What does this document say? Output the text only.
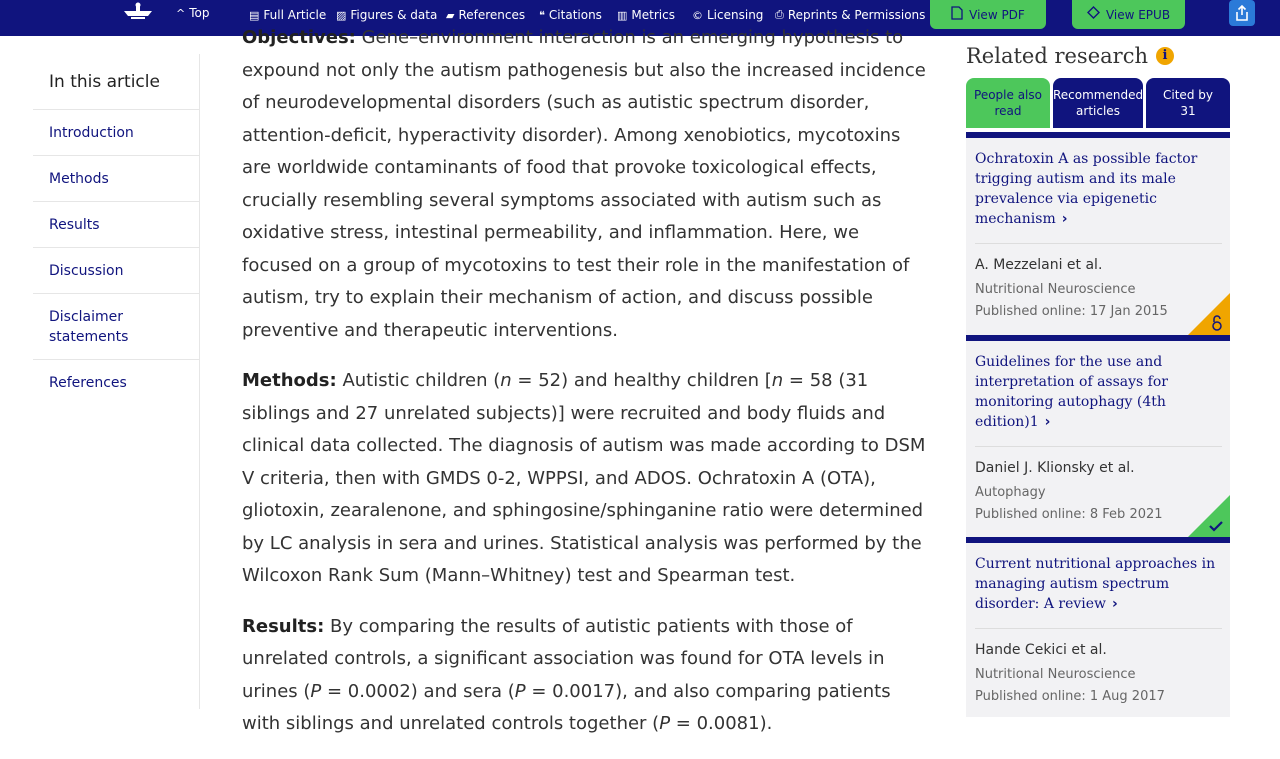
^ Top	▤ Full Article ▨ Figures & data ▰ References ❝ Citations ▥ Metrics © Licensing ⎙ Reprints & Permissions	View PDF	View EPUB
In this article
Introduction
Methods
Results
Discussion
Disclaimer statements
References

Objectives: Gene–environment interaction is an emerging hypothesis to expound not only the autism pathogenesis but also the increased incidence of neurodevelopmental disorders (such as autistic spectrum disorder, attention-deficit, hyperactivity disorder). Among xenobiotics, mycotoxins are worldwide contaminants of food that provoke toxicological effects, crucially resembling several symptoms associated with autism such as oxidative stress, intestinal permeability, and inflammation. Here, we focused on a group of mycotoxins to test their role in the manifestation of autism, try to explain their mechanism of action, and discuss possible preventive and therapeutic interventions.

Methods: Autistic children (n = 52) and healthy children [n = 58 (31 siblings and 27 unrelated subjects)] were recruited and body fluids and clinical data collected. The diagnosis of autism was made according to DSM V criteria, then with GMDS 0-2, WPPSI, and ADOS. Ochratoxin A (OTA), gliotoxin, zearalenone, and sphingosine/sphinganine ratio were determined by LC analysis in sera and urines. Statistical analysis was performed by the Wilcoxon Rank Sum (Mann–Whitney) test and Spearman test.

Results: By comparing the results of autistic patients with those of unrelated controls, a significant association was found for OTA levels in urines (P = 0.0002) and sera (P = 0.0017), and also comparing patients with siblings and unrelated controls together (P = 0.0081).

Related research	i
People also read
Recommended articles
Cited by 31
Ochratoxin A as possible factor trigging autism and its male prevalence via epigenetic mechanism ›
A. Mezzelani et al.
Nutritional Neuroscience
Published online: 17 Jan 2015
Guidelines for the use and interpretation of assays for monitoring autophagy (4th edition)1 ›
Daniel J. Klionsky et al.
Autophagy
Published online: 8 Feb 2021
Current nutritional approaches in managing autism spectrum disorder: A review ›
Hande Cekici et al.
Nutritional Neuroscience
Published online: 1 Aug 2017
